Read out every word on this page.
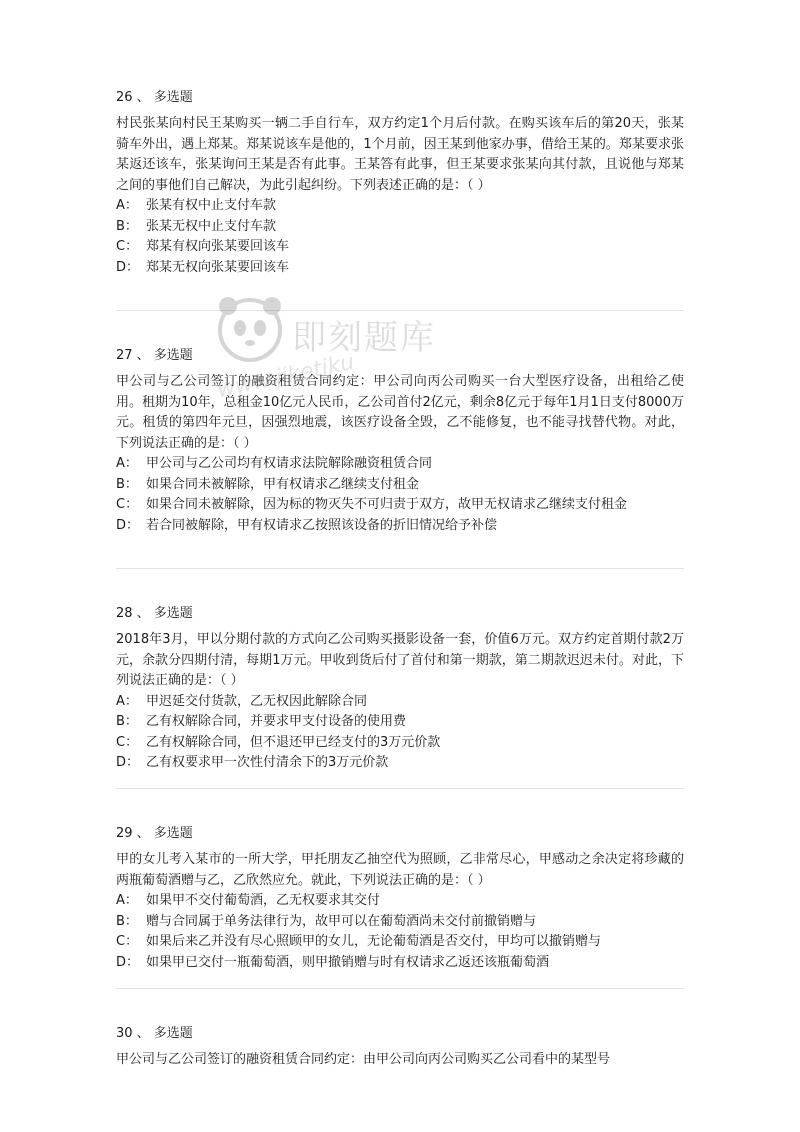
26 、 多选题

村民张某向村民王某购买一辆二手自行车，双方约定1个月后付款。在购买该车后的第20天，张某骑车外出，遇上郑某。郑某说该车是他的，1个月前，因王某到他家办事，借给王某的。郑某要求张某返还该车，张某询问王某是否有此事。王某答有此事，但王某要求张某向其付款，且说他与郑某之间的事他们自己解决，为此引起纠纷。下列表述正确的是：（ ）

A： 张某有权中止支付车款
B： 张某无权中止支付车款
C： 郑某有权向张某要回该车
D： 郑某无权向张某要回该车
27 、 多选题

甲公司与乙公司签订的融资租赁合同约定：甲公司向丙公司购买一台大型医疗设备，出租给乙使用。租期为10年，总租金10亿元人民币，乙公司首付2亿元，剩余8亿元于每年1月1日支付8000万元。租赁的第四年元旦，因强烈地震，该医疗设备全毁，乙不能修复，也不能寻找替代物。对此，下列说法正确的是：（ ）

A： 甲公司与乙公司均有权请求法院解除融资租赁合同
B： 如果合同未被解除，甲有权请求乙继续支付租金
C： 如果合同未被解除，因为标的物灭失不可归责于双方，故甲无权请求乙继续支付租金
D： 若合同被解除，甲有权请求乙按照该设备的折旧情况给予补偿
28 、 多选题

2018年3月，甲以分期付款的方式向乙公司购买摄影设备一套，价值6万元。双方约定首期付款2万元，余款分四期付清，每期1万元。甲收到货后付了首付和第一期款，第二期款迟迟未付。对此，下列说法正确的是：（ ）

A： 甲迟延交付货款，乙无权因此解除合同
B： 乙有权解除合同，并要求甲支付设备的使用费
C： 乙有权解除合同，但不退还甲已经支付的3万元价款
D： 乙有权要求甲一次性付清余下的3万元价款
29 、 多选题

甲的女儿考入某市的一所大学，甲托朋友乙抽空代为照顾，乙非常尽心，甲感动之余决定将珍藏的两瓶葡萄酒赠与乙，乙欣然应允。就此，下列说法正确的是：（ ）

A： 如果甲不交付葡萄酒，乙无权要求其交付
B： 赠与合同属于单务法律行为，故甲可以在葡萄酒尚未交付前撤销赠与
C： 如果后来乙并没有尽心照顾甲的女儿，无论葡萄酒是否交付，甲均可以撤销赠与
D： 如果甲已交付一瓶葡萄酒，则甲撤销赠与时有权请求乙返还该瓶葡萄酒
30 、 多选题

甲公司与乙公司签订的融资租赁合同约定：由甲公司向丙公司购买乙公司看中的某型号

即刻题库
www.jiketiku
